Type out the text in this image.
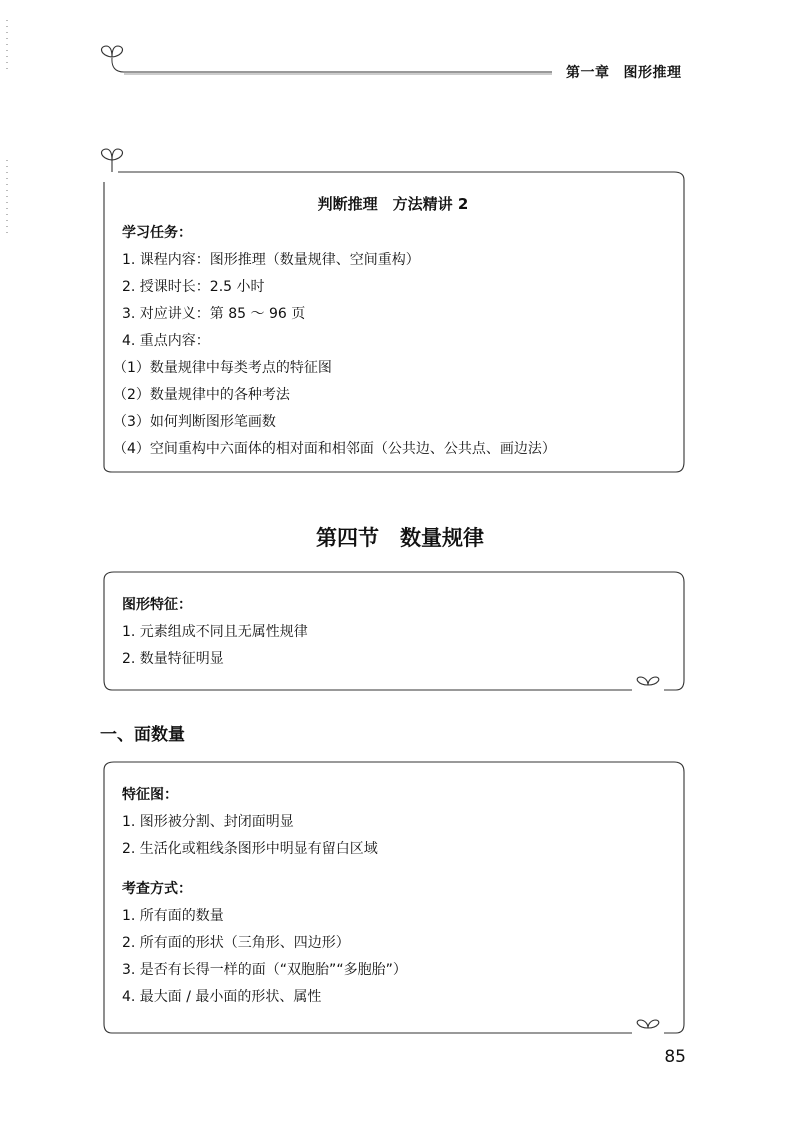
第一章 图形推理
判断推理　方法精讲 2
学习任务：
1. 课程内容：图形推理（数量规律、空间重构）
2. 授课时长：2.5 小时
3. 对应讲义：第 85 ～ 96 页
4. 重点内容：
（1）数量规律中每类考点的特征图
（2）数量规律中的各种考法
（3）如何判断图形笔画数
（4）空间重构中六面体的相对面和相邻面（公共边、公共点、画边法）
第四节　数量规律
图形特征：
1. 元素组成不同且无属性规律
2. 数量特征明显
一、面数量
特征图：
1. 图形被分割、封闭面明显
2. 生活化或粗线条图形中明显有留白区域
考查方式：
1. 所有面的数量
2. 所有面的形状（三角形、四边形）
3. 是否有长得一样的面（“双胞胎”“多胞胎”）
4. 最大面 / 最小面的形状、属性
85
